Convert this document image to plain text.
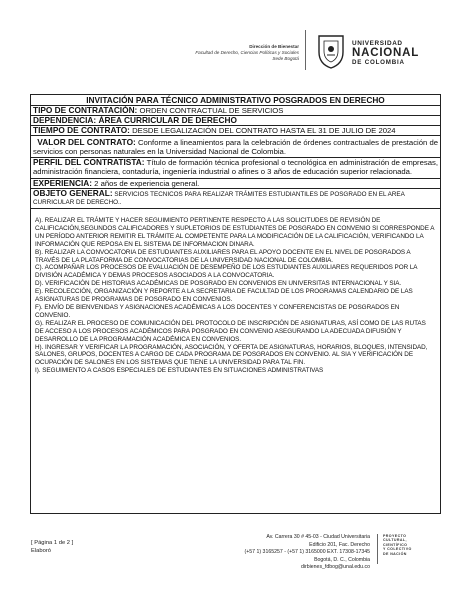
Dirección de Bienestar
Facultad de Derecho, Ciencias Políticas y Sociales
Sede Bogotá
UNIVERSIDAD
NACIONAL
DE COLOMBIA
INVITACIÓN PARA TÉCNICO ADMINISTRATIVO POSGRADOS EN DERECHO
TIPO DE CONTRATACIÓN: ORDEN CONTRACTUAL DE SERVICIOS
DEPENDENCIA: ÁREA CURRICULAR DE DERECHO
TIEMPO DE CONTRATO: DESDE LEGALIZACIÓN DEL CONTRATO HASTA EL 31 DE JULIO DE 2024
VALOR DEL CONTRATO: Conforme a lineamientos para la celebración de órdenes contractuales de prestación de servicios con personas naturales en la Universidad Nacional de Colombia.
PERFIL DEL CONTRATISTA: Título de formación técnica profesional o tecnológica en administración de empresas, administración financiera, contaduría, ingeniería industrial o afines o 3 años de educación superior relacionada.
EXPERIENCIA: 2 años de experiencia general.
OBJETO GENERAL: SERVICIOS TECNICOS PARA REALIZAR TRÁMITES ESTUDIANTILES DE POSGRADO EN EL AREA CURRICULAR DE DERECHO..
A). REALIZAR EL TRÁMITE Y HACER SEGUIMIENTO PERTINENTE RESPECTO A LAS SOLICITUDES DE REVISIÓN DE CALIFICACIÓN,SEGUNDOS CALIFICADORES Y SUPLETORIOS DE ESTUDIANTES DE POSGRADO EN CONVENIO SI CORRESPONDE A UN PERÍODO ANTERIOR REMITIR EL TRÁMITE AL COMPETENTE PARA LA MODIFICACIÓN DE LA CALIFICACIÓN, VERIFICANDO LA INFORMACIÓN QUE REPOSA EN EL SISTEMA DE INFORMACION DINARA.
B). REALIZAR LA CONVOCATORIA DE ESTUDIANTES AUXILIARES PARA EL APOYO DOCENTE EN EL NIVEL DE POSGRADOS A TRAVÉS DE LA PLATAFORMA DE CONVOCATORIAS DE LA UNIVERSIDAD NACIONAL DE COLOMBIA.
C). ACOMPAÑAR LOS PROCESOS DE EVALUACIÓN DE DESEMPEÑO DE LOS ESTUDIANTES AUXILIARES REQUERIDOS POR LA DIVISIÓN ACADÉMICA Y DEMAS PROCESOS ASOCIADOS A LA CONVOCATORIA.
D). VERIFICACIÓN DE HISTORIAS ACADÉMICAS DE POSGRADO EN CONVENIOS EN UNIVERSITAS INTERNACIONAL Y SIA.
E). RECOLECCIÓN, ORGANIZACIÓN Y REPORTE A LA SECRETARIA DE FACULTAD DE LOS PROGRAMAS CALENDARIO DE LAS ASIGNATURAS DE PROGRAMAS DE POSGRADO EN CONVENIOS.
F). ENVÍO DE BIENVENIDAS Y ASIGNACIONES ACADÉMICAS A LOS DOCENTES Y CONFERENCISTAS DE POSGRADOS EN CONVENIO.
G). REALIZAR EL PROCESO DE COMUNICACIÓN DEL PROTOCOLO DE INSCRIPCIÓN DE ASIGNATURAS, ASÍ COMO DE LAS RUTAS DE ACCESO A LOS PROCESOS ACADÉMICOS PARA POSGRADO EN CONVENIO ASEGURANDO LA ADECUADA DIFUSIÓN Y DESARROLLO DE LA PROGRAMACIÓN ACADÉMICA EN CONVENIOS.
H). INGRESAR Y VERIFICAR LA PROGRAMACIÓN, ASOCIACIÓN, Y OFERTA DE ASIGNATURAS, HORARIOS, BLOQUES, INTENSIDAD, SALONES, GRUPOS, DOCENTES A CARGO DE CADA PROGRAMA DE POSGRADOS EN CONVENIO. AL SIA Y VERIFICACIÓN DE OCUPACIÓN DE SALONES EN LOS SISTEMAS QUE TIENE LA UNIVERSIDAD PARA TAL FIN.
I). SEGUIMIENTO A CASOS ESPECIALES DE ESTUDIANTES EN SITUACIONES ADMINISTRATIVAS
[ Página 1 de 2 ]
Elaboró
Av. Carrera 30 # 45-03 - Ciudad Universitaria
Edificio 201, Fac. Derecho
(+57 1) 3165257 - (+57 1) 3165000 EXT. 17308-17345
Bogotá, D. C., Colombia
dirbienes_fdbog@unal.edu.co
PROYECTO
CULTURAL,
CIENTÍFICO
Y COLECTIVO
DE NACIÓN
